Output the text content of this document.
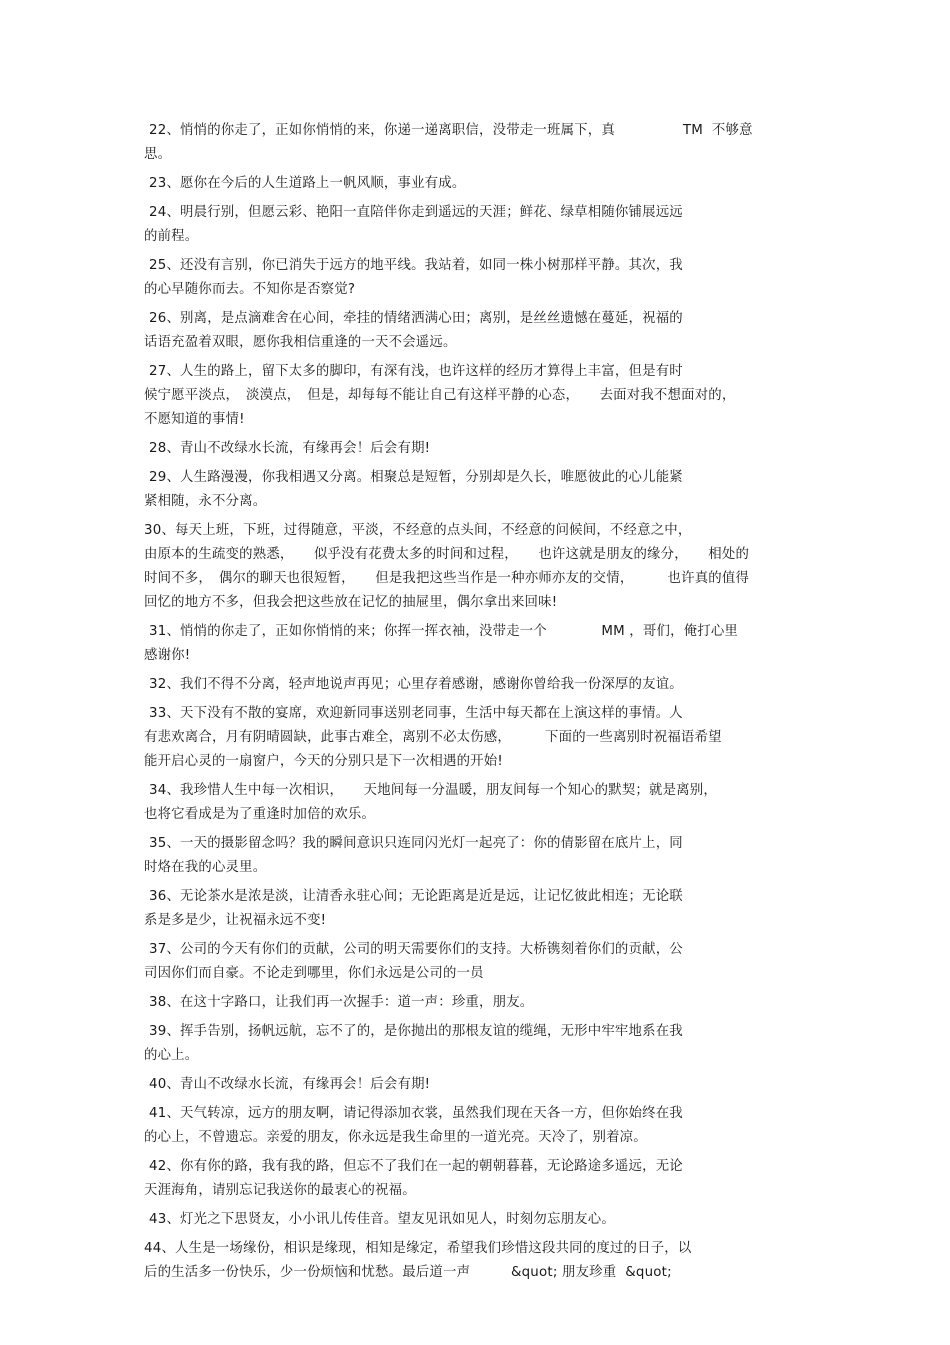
22、悄悄的你走了，正如你悄悄的来，你递一递离职信，没带走一班属下，真　　　　　TM  不够意
思。
23、愿你在今后的人生道路上一帆风顺，事业有成。
24、明晨行别，但愿云彩、艳阳一直陪伴你走到遥远的天涯；鲜花、绿草相随你铺展远远
的前程。
25、还没有言别，你已消失于远方的地平线。我站着，如同一株小树那样平静。其次，我
的心早随你而去。不知你是否察觉?
26、别离，是点滴难舍在心间，牵挂的情绪洒满心田；离别，是丝丝遗憾在蔓延，祝福的
话语充盈着双眼，愿你我相信重逢的一天不会遥远。
27、人生的路上，留下太多的脚印，有深有浅，也许这样的经历才算得上丰富，但是有时
候宁愿平淡点，　淡漠点，　但是，却每每不能让自己有这样平静的心态，　　去面对我不想面对的，
不愿知道的事情!
28、青山不改绿水长流，有缘再会！后会有期!
29、人生路漫漫，你我相遇又分离。相聚总是短暂，分别却是久长，唯愿彼此的心儿能紧
紧相随，永不分离。
30、每天上班，下班，过得随意，平淡，不经意的点头间，不经意的问候间，不经意之中，
由原本的生疏变的熟悉，　　似乎没有花费太多的时间和过程，　　也许这就是朋友的缘分，　　相处的
时间不多，　偶尔的聊天也很短暂，　　但是我把这些当作是一种亦师亦友的交情，　　　也许真的值得
回忆的地方不多，但我会把这些放在记忆的抽屉里，偶尔拿出来回味!
31、悄悄的你走了，正如你悄悄的来；你挥一挥衣袖，没带走一个　　　　MM ，哥们，俺打心里
感谢你!
32、我们不得不分离，轻声地说声再见；心里存着感谢，感谢你曾给我一份深厚的友谊。
33、天下没有不散的宴席，欢迎新同事送别老同事，生活中每天都在上演这样的事情。人
有悲欢离合，月有阴晴圆缺，此事古难全，离别不必太伤感，　　　下面的一些离别时祝福语希望
能开启心灵的一扇窗户，今天的分别只是下一次相遇的开始!
34、我珍惜人生中每一次相识，　　天地间每一分温暖，朋友间每一个知心的默契；就是离别，
也将它看成是为了重逢时加倍的欢乐。
35、一天的摄影留念吗？我的瞬间意识只连同闪光灯一起亮了：你的倩影留在底片上，同
时烙在我的心灵里。
36、无论茶水是浓是淡，让清香永驻心间；无论距离是近是远，让记忆彼此相连；无论联
系是多是少，让祝福永远不变!
37、公司的今天有你们的贡献，公司的明天需要你们的支持。大桥镌刻着你们的贡献，公
司因你们而自豪。不论走到哪里，你们永远是公司的一员
38、在这十字路口，让我们再一次握手：道一声：珍重，朋友。
39、挥手告别，扬帆远航，忘不了的，是你抛出的那根友谊的缆绳，无形中牢牢地系在我
的心上。
40、青山不改绿水长流，有缘再会！后会有期!
41、天气转凉，远方的朋友啊，请记得添加衣裳，虽然我们现在天各一方，但你始终在我
的心上，不曾遗忘。亲爱的朋友，你永远是我生命里的一道光亮。天冷了，别着凉。
42、你有你的路，我有我的路，但忘不了我们在一起的朝朝暮暮，无论路途多遥远，无论
天涯海角，请别忘记我送你的最衷心的祝福。
43、灯光之下思贤友，小小讯儿传佳音。望友见讯如见人，时刻勿忘朋友心。
44、人生是一场缘份，相识是缘现，相知是缘定，希望我们珍惜这段共同的度过的日子，以
后的生活多一份快乐，少一份烦恼和忧愁。最后道一声　　　&quot; 朋友珍重  &quot;
